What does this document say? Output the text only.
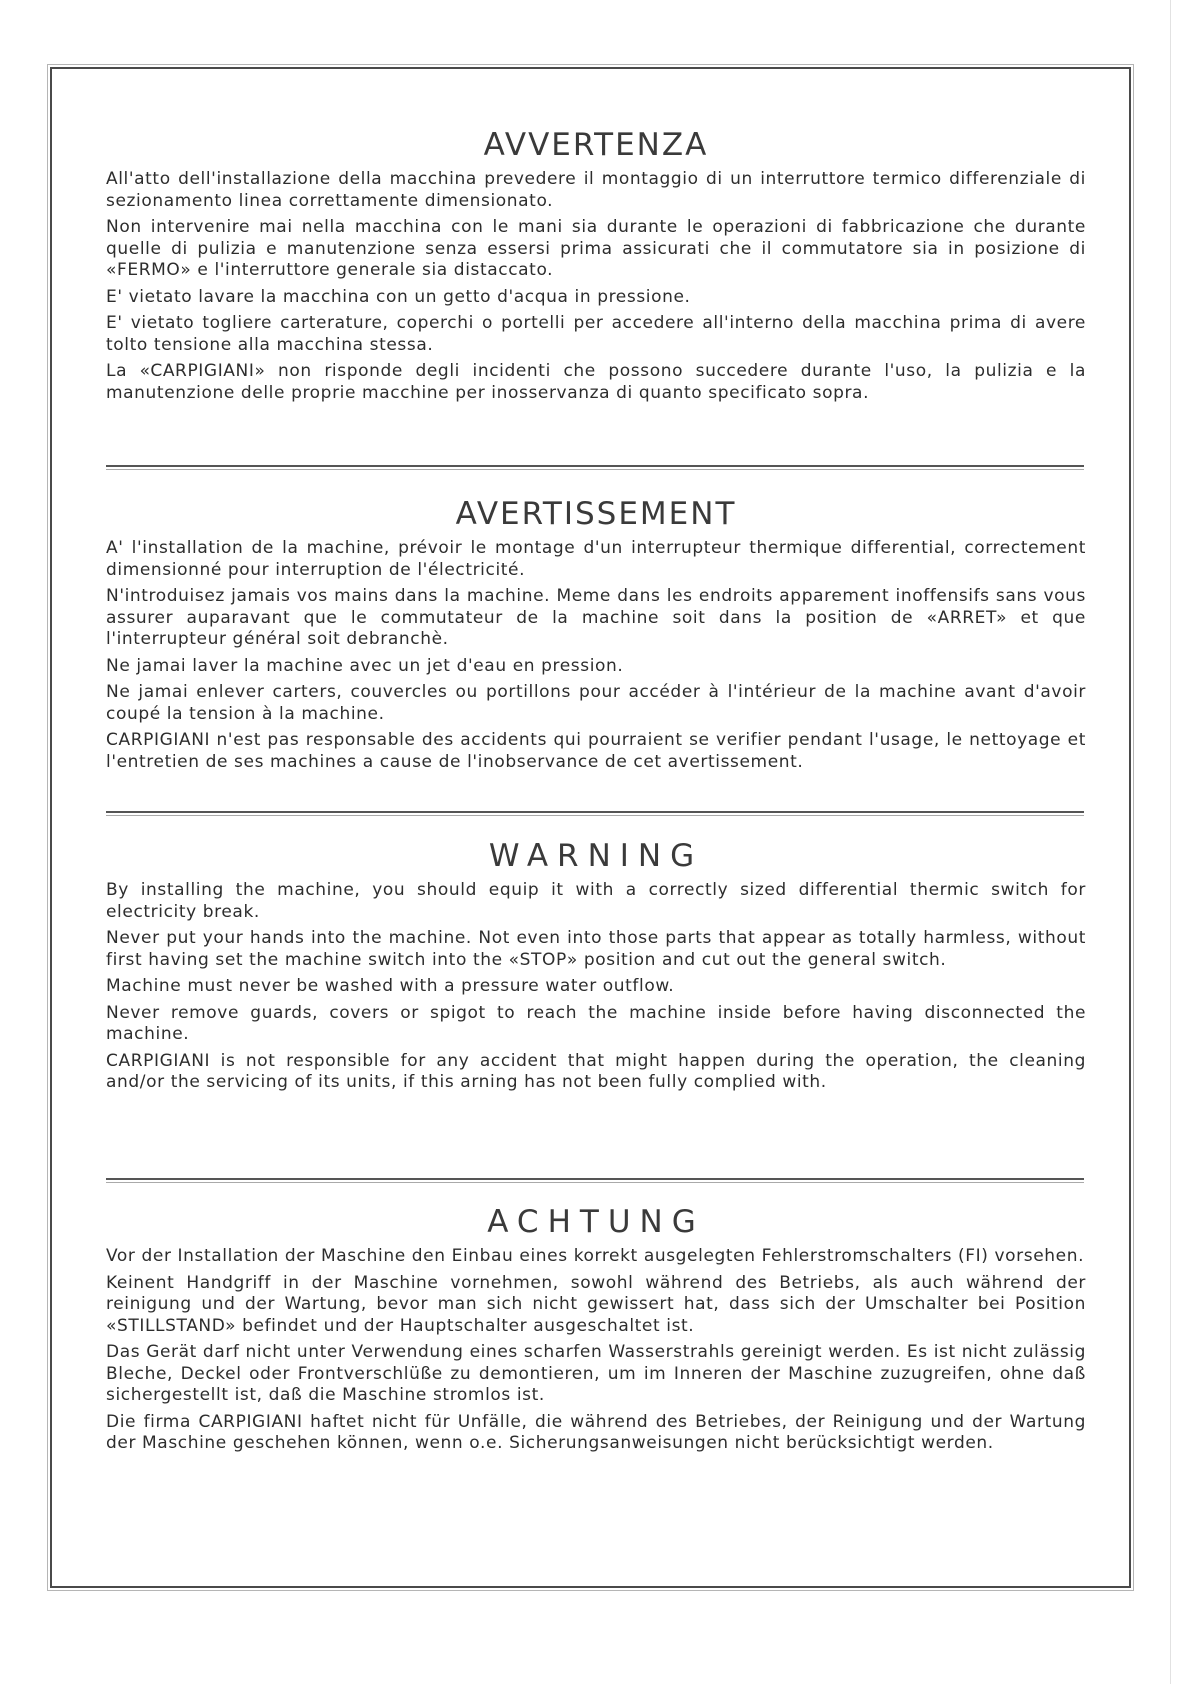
AVVERTENZA

All'atto dell'installazione della macchina prevedere il montaggio di un interruttore termico differenziale di sezionamento linea correttamente dimensionato.

Non intervenire mai nella macchina con le mani sia durante le operazioni di fabbricazione che durante quelle di pulizia e manutenzione senza essersi prima assicurati che il commutatore sia in posizione di «FERMO» e l'interruttore generale sia distaccato.

E' vietato lavare la macchina con un getto d'acqua in pressione.

E' vietato togliere carterature, coperchi o portelli per accedere all'interno della macchina prima di avere tolto tensione alla macchina stessa.

La «CARPIGIANI» non risponde degli incidenti che possono succedere durante l'uso, la pulizia e la manutenzione delle proprie macchine per inosservanza di quanto specificato sopra.

AVERTISSEMENT

A' l'installation de la machine, prévoir le montage d'un interrupteur thermique differential, correctement dimensionné pour interruption de l'électricité.

N'introduisez jamais vos mains dans la machine. Meme dans les endroits apparement inoffensifs sans vous assurer auparavant que le commutateur de la machine soit dans la position de «ARRET» et que l'interrupteur général soit debranchè.

Ne jamai laver la machine avec un jet d'eau en pression.

Ne jamai enlever carters, couvercles ou portillons pour accéder à l'intérieur de la machine avant d'avoir coupé la tension à la machine.

CARPIGIANI n'est pas responsable des accidents qui pourraient se verifier pendant l'usage, le nettoyage et l'entretien de ses machines a cause de l'inobservance de cet avertissement.

WARNING

By installing the machine, you should equip it with a correctly sized differential thermic switch for electricity break.

Never put your hands into the machine. Not even into those parts that appear as totally harmless, without first having set the machine switch into the «STOP» position and cut out the general switch.

Machine must never be washed with a pressure water outflow.

Never remove guards, covers or spigot to reach the machine inside before having disconnected the machine.

CARPIGIANI is not responsible for any accident that might happen during the operation, the cleaning and/or the servicing of its units, if this arning has not been fully complied with.

ACHTUNG

Vor der Installation der Maschine den Einbau eines korrekt ausgelegten Fehlerstromschalters (FI) vorsehen.

Keinent Handgriff in der Maschine vornehmen, sowohl während des Betriebs, als auch während der reinigung und der Wartung, bevor man sich nicht gewissert hat, dass sich der Umschalter bei Position «STILLSTAND» befindet und der Hauptschalter ausgeschaltet ist.

Das Gerät darf nicht unter Verwendung eines scharfen Wasserstrahls gereinigt werden. Es ist nicht zulässig Bleche, Deckel oder Frontverschlüße zu demontieren, um im Inneren der Maschine zuzugreifen, ohne daß sichergestellt ist, daß die Maschine stromlos ist.

Die firma CARPIGIANI haftet nicht für Unfälle, die während des Betriebes, der Reinigung und der Wartung der Maschine geschehen können, wenn o.e. Sicherungsanweisungen nicht berücksichtigt werden.
